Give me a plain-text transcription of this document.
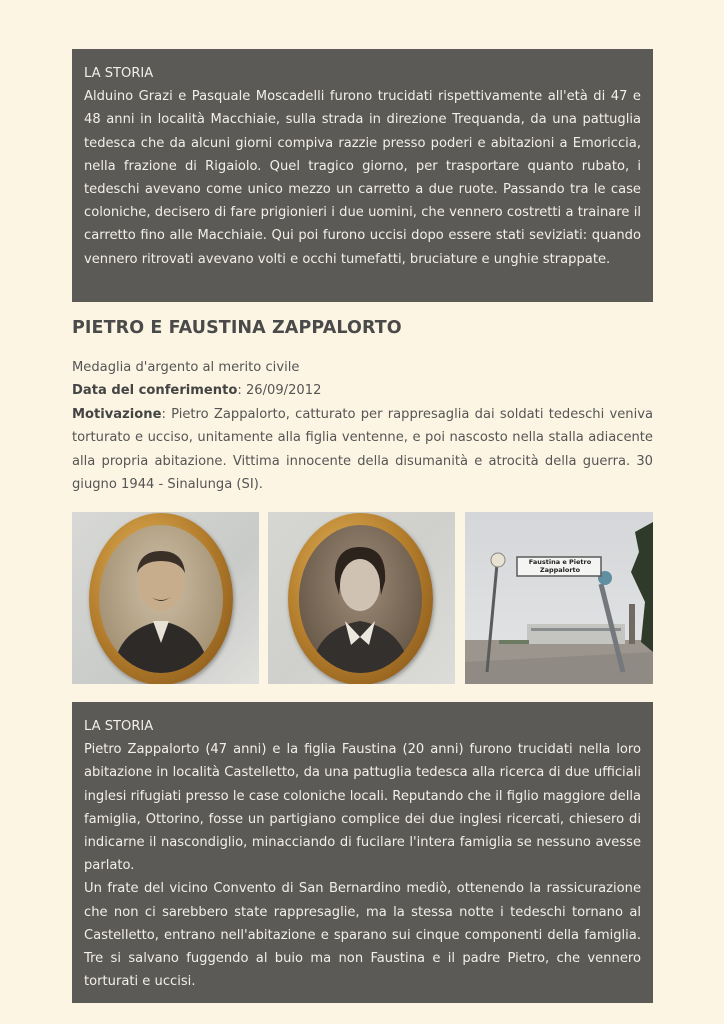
LA STORIA

Alduino Grazi e Pasquale Moscadelli furono trucidati rispettivamente all'età di 47 e 48 anni in località Macchiaie, sulla strada in direzione Trequanda, da una pattuglia tedesca che da alcuni giorni compiva razzie presso poderi e abitazioni a Emoriccia, nella frazione di Rigaiolo. Quel tragico giorno, per trasportare quanto rubato, i tedeschi avevano come unico mezzo un carretto a due ruote. Passando tra le case coloniche, decisero di fare prigionieri i due uomini, che vennero costretti a trainare il carretto fino alle Macchiaie. Qui poi furono uccisi dopo essere stati seviziati: quando vennero ritrovati avevano volti e occhi tumefatti, bruciature e unghie strappate.

PIETRO E FAUSTINA ZAPPALORTO

Medaglia d'argento al merito civile

Data del conferimento: 26/09/2012

Motivazione: Pietro Zappalorto, catturato per rappresaglia dai soldati tedeschi veniva torturato e ucciso, unitamente alla figlia ventenne, e poi nascosto nella stalla adiacente alla propria abitazione. Vittima innocente della disumanità e atrocità della guerra. 30 giugno 1944 - Sinalunga (SI).

Faustina e Pietro Zappalorto
LA STORIA

Pietro Zappalorto (47 anni) e la figlia Faustina (20 anni) furono trucidati nella loro abitazione in località Castelletto, da una pattuglia tedesca alla ricerca di due ufficiali inglesi rifugiati presso le case coloniche locali. Reputando che il figlio maggiore della famiglia, Ottorino, fosse un partigiano complice dei due inglesi ricercati, chiesero di indicarne il nascondiglio, minacciando di fucilare l'intera famiglia se nessuno avesse parlato.

Un frate del vicino Convento di San Bernardino mediò, ottenendo la rassicurazione che non ci sarebbero state rappresaglie, ma la stessa notte i tedeschi tornano al Castelletto, entrano nell'abitazione e sparano sui cinque componenti della famiglia. Tre si salvano fuggendo al buio ma non Faustina e il padre Pietro, che vennero torturati e uccisi.
